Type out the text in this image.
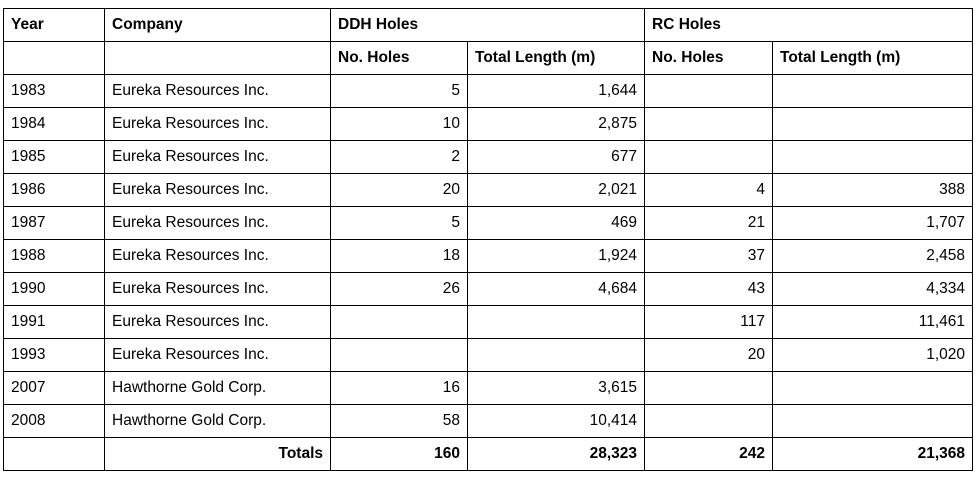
Year	Company	DDH Holes		RC Holes	
		No. Holes	Total Length (m)	No. Holes	Total Length (m)
1983	Eureka Resources Inc.	5	1,644		
1984	Eureka Resources Inc.	10	2,875		
1985	Eureka Resources Inc.	2	677		
1986	Eureka Resources Inc.	20	2,021	4	388
1987	Eureka Resources Inc.	5	469	21	1,707
1988	Eureka Resources Inc.	18	1,924	37	2,458
1990	Eureka Resources Inc.	26	4,684	43	4,334
1991	Eureka Resources Inc.			117	11,461
1993	Eureka Resources Inc.			20	1,020
2007	Hawthorne Gold Corp.	16	3,615		
2008	Hawthorne Gold Corp.	58	10,414		
	Totals	160	28,323	242	21,368
